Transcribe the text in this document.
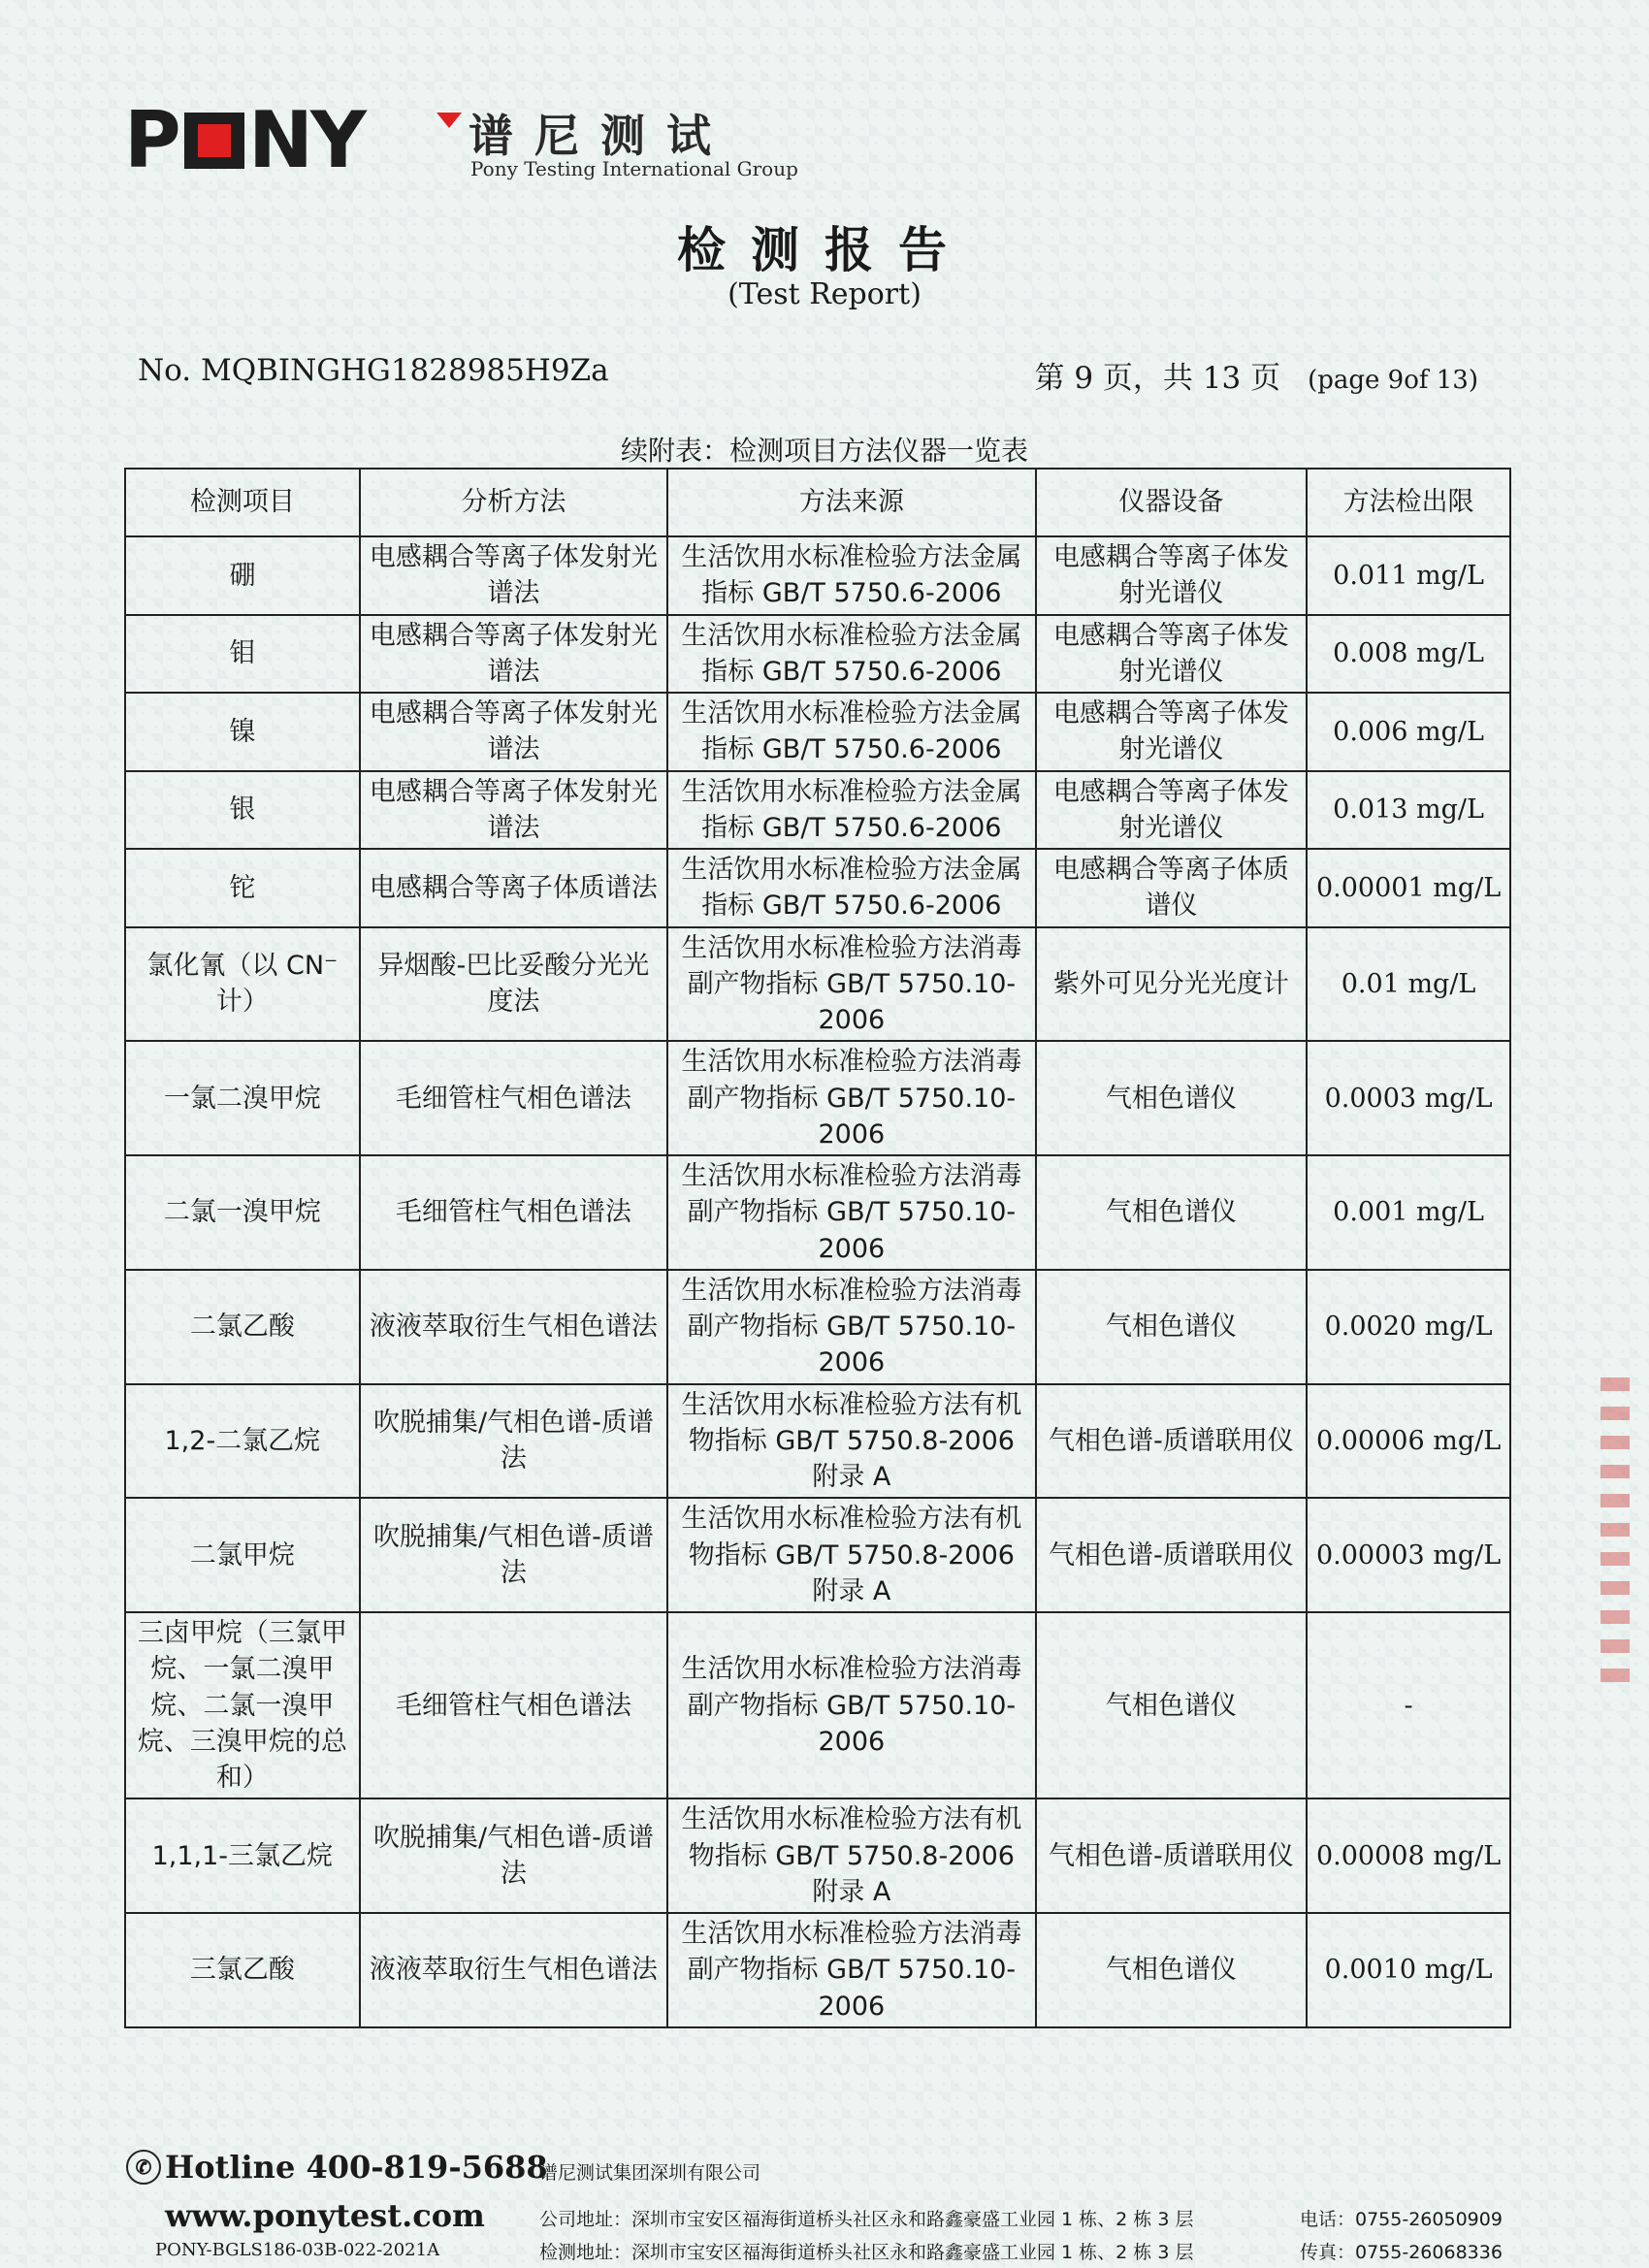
P NY 谱尼测试
Pony Testing International Group
检测报告
(Test Report)
No. MQBINGHG1828985H9Za	第 9 页，共 13 页 (page 9of 13)
续附表：检测项目方法仪器一览表
检测项目	分析方法	方法来源	仪器设备	方法检出限
硼	电感耦合等离子体发射光谱法	生活饮用水标准检验方法金属指标 GB/T 5750.6-2006	电感耦合等离子体发射光谱仪	0.011 mg/L
钼	电感耦合等离子体发射光谱法	生活饮用水标准检验方法金属指标 GB/T 5750.6-2006	电感耦合等离子体发射光谱仪	0.008 mg/L
镍	电感耦合等离子体发射光谱法	生活饮用水标准检验方法金属指标 GB/T 5750.6-2006	电感耦合等离子体发射光谱仪	0.006 mg/L
银	电感耦合等离子体发射光谱法	生活饮用水标准检验方法金属指标 GB/T 5750.6-2006	电感耦合等离子体发射光谱仪	0.013 mg/L
铊	电感耦合等离子体质谱法	生活饮用水标准检验方法金属指标 GB/T 5750.6-2006	电感耦合等离子体质谱仪	0.00001 mg/L
氯化氰（以 CN⁻计）	异烟酸-巴比妥酸分光光度法	生活饮用水标准检验方法消毒副产物指标 GB/T 5750.10-2006	紫外可见分光光度计	0.01 mg/L
一氯二溴甲烷	毛细管柱气相色谱法	生活饮用水标准检验方法消毒副产物指标 GB/T 5750.10-2006	气相色谱仪	0.0003 mg/L
二氯一溴甲烷	毛细管柱气相色谱法	生活饮用水标准检验方法消毒副产物指标 GB/T 5750.10-2006	气相色谱仪	0.001 mg/L
二氯乙酸	液液萃取衍生气相色谱法	生活饮用水标准检验方法消毒副产物指标 GB/T 5750.10-2006	气相色谱仪	0.0020 mg/L
1,2-二氯乙烷	吹脱捕集/气相色谱-质谱法	生活饮用水标准检验方法有机物指标 GB/T 5750.8-2006 附录 A	气相色谱-质谱联用仪	0.00006 mg/L
二氯甲烷	吹脱捕集/气相色谱-质谱法	生活饮用水标准检验方法有机物指标 GB/T 5750.8-2006 附录 A	气相色谱-质谱联用仪	0.00003 mg/L
三卤甲烷（三氯甲烷、一氯二溴甲烷、二氯一溴甲烷、三溴甲烷的总和）	毛细管柱气相色谱法	生活饮用水标准检验方法消毒副产物指标 GB/T 5750.10-2006	气相色谱仪	-
1,1,1-三氯乙烷	吹脱捕集/气相色谱-质谱法	生活饮用水标准检验方法有机物指标 GB/T 5750.8-2006 附录 A	气相色谱-质谱联用仪	0.00008 mg/L
三氯乙酸	液液萃取衍生气相色谱法	生活饮用水标准检验方法消毒副产物指标 GB/T 5750.10-2006	气相色谱仪	0.0010 mg/L
✆ Hotline 400-819-5688
www.ponytest.com
PONY-BGLS186-03B-022-2021A
谱尼测试集团深圳有限公司
公司地址：深圳市宝安区福海街道桥头社区永和路鑫豪盛工业园 1 栋、2 栋 3 层
检测地址：深圳市宝安区福海街道桥头社区永和路鑫豪盛工业园 1 栋、2 栋 3 层
电话：0755-26050909
传真：0755-26068336
